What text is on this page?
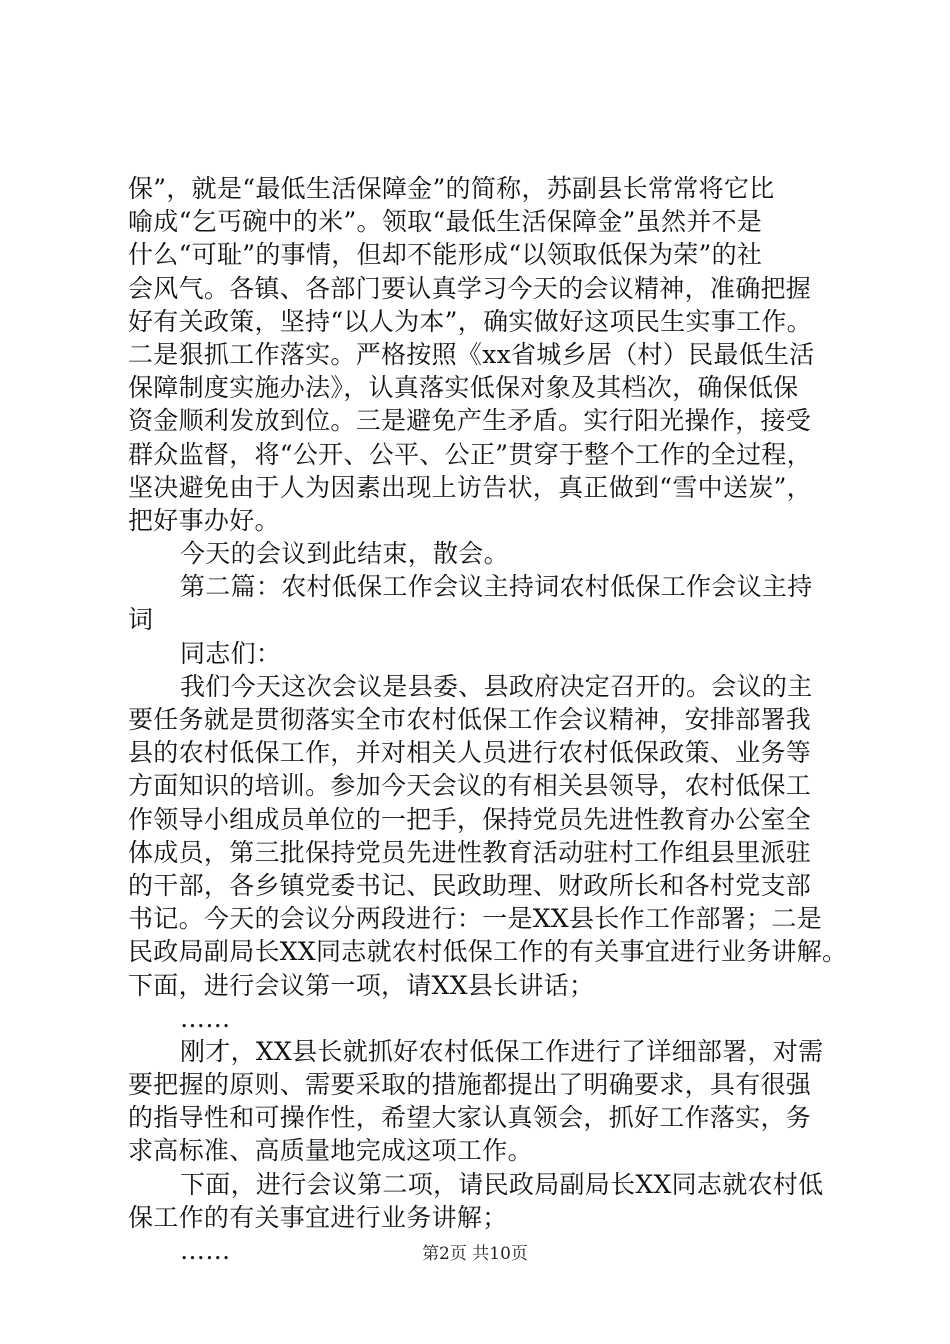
保”，就是“最低生活保障金”的简称，苏副县长常常将它比
喻成“乞丐碗中的米”。领取“最低生活保障金”虽然并不是
什么“可耻”的事情，但却不能形成“以领取低保为荣”的社
会风气。各镇、各部门要认真学习今天的会议精神，准确把握
好有关政策，坚持“以人为本”，确实做好这项民生实事工作。
二是狠抓工作落实。严格按照《xx省城乡居（村）民最低生活
保障制度实施办法》，认真落实低保对象及其档次，确保低保
资金顺利发放到位。三是避免产生矛盾。实行阳光操作，接受
群众监督，将“公开、公平、公正”贯穿于整个工作的全过程，
坚决避免由于人为因素出现上访告状，真正做到“雪中送炭”，
把好事办好。
今天的会议到此结束，散会。
第二篇：农村低保工作会议主持词农村低保工作会议主持
词
同志们：
我们今天这次会议是县委、县政府决定召开的。会议的主
要任务就是贯彻落实全市农村低保工作会议精神，安排部署我
县的农村低保工作，并对相关人员进行农村低保政策、业务等
方面知识的培训。参加今天会议的有相关县领导，农村低保工
作领导小组成员单位的一把手，保持党员先进性教育办公室全
体成员，第三批保持党员先进性教育活动驻村工作组县里派驻
的干部，各乡镇党委书记、民政助理、财政所长和各村党支部
书记。今天的会议分两段进行：一是XX县长作工作部署；二是
民政局副局长XX同志就农村低保工作的有关事宜进行业务讲解。
下面，进行会议第一项，请XX县长讲话；
……
刚才，XX县长就抓好农村低保工作进行了详细部署，对需
要把握的原则、需要采取的措施都提出了明确要求，具有很强
的指导性和可操作性，希望大家认真领会，抓好工作落实，务
求高标准、高质量地完成这项工作。
下面，进行会议第二项，请民政局副局长XX同志就农村低
保工作的有关事宜进行业务讲解；
……	第2页 共10页
